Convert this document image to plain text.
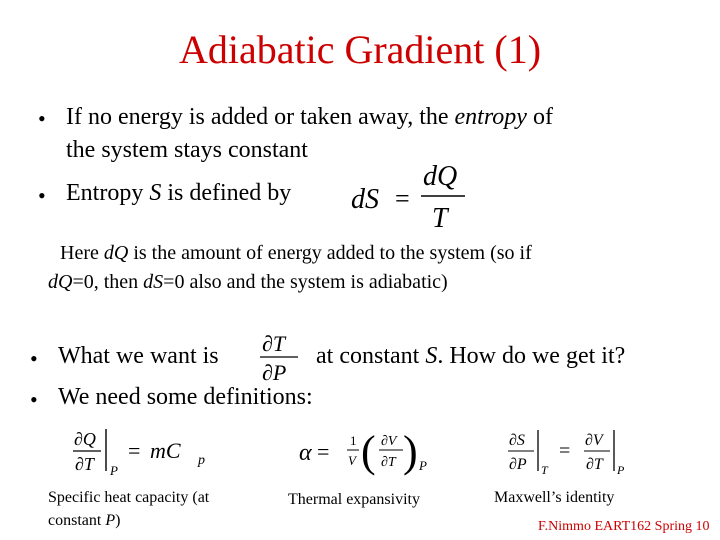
Adiabatic Gradient (1)
• If no energy is added or taken away, the entropy of
the system stays constant
• Entropy S is defined by dS =
dQ
T
Here dQ is the amount of energy added to the system (so if
dQ=0, then dS=0 also and the system is adiabatic)
• What we want is ∂T
∂P
at constant S. How do we get it?
• We need some definitions:
∂Q
∂T P
= mC p
Specific heat capacity (at
constant P)
α = 1
V ( ∂V
∂T ) P
Thermal expansivity
∂S
∂P T
= ∂V
∂T P
Maxwell’s identity
F.Nimmo EART162 Spring 10
